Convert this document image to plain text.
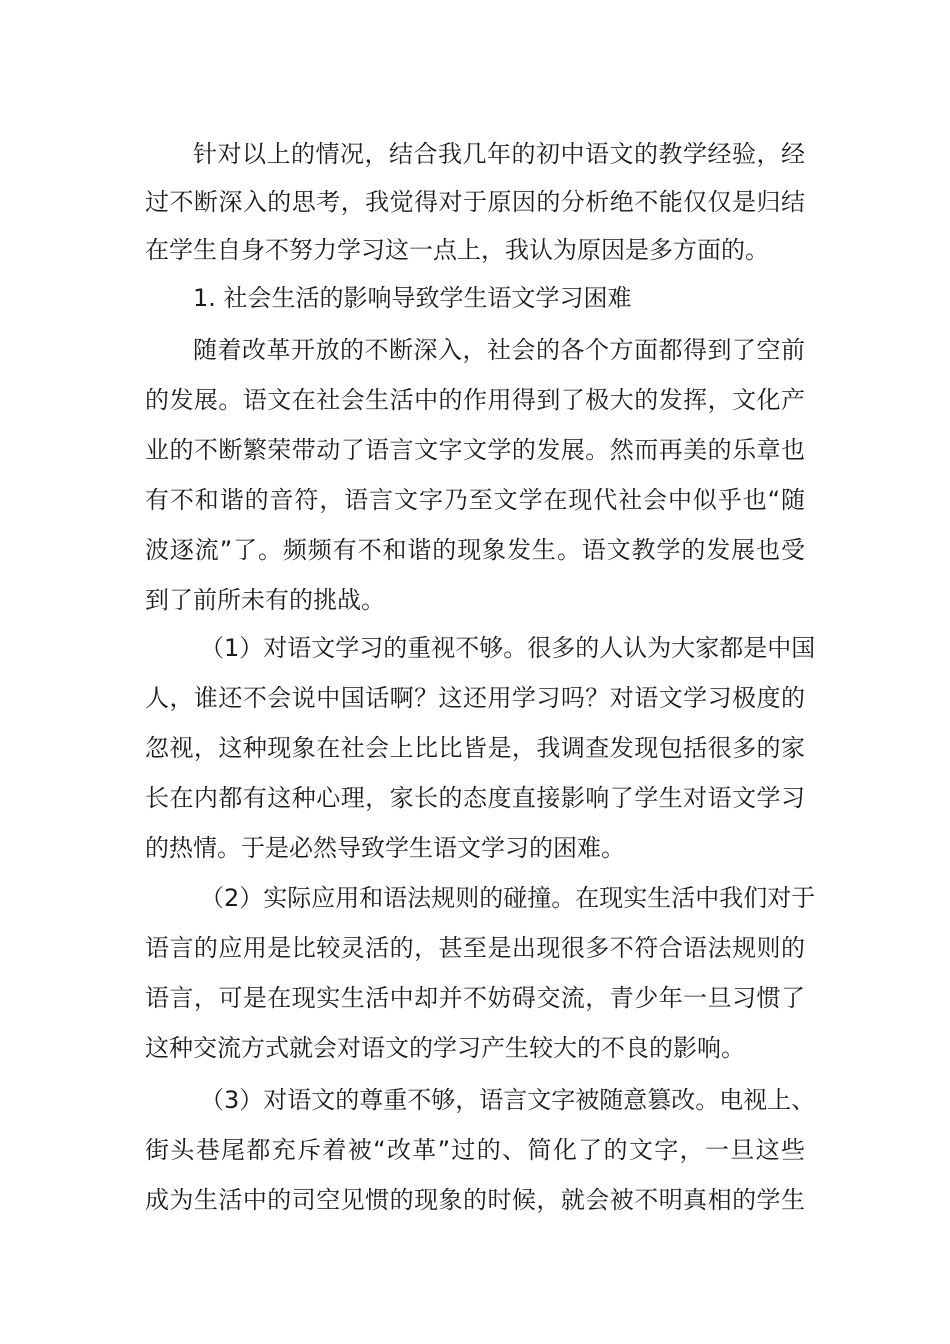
针对以上的情况，结合我几年的初中语文的教学经验，经
过不断深入的思考，我觉得对于原因的分析绝不能仅仅是归结
在学生自身不努力学习这一点上，我认为原因是多方面的。
1. 社会生活的影响导致学生语文学习困难
随着改革开放的不断深入，社会的各个方面都得到了空前
的发展。语文在社会生活中的作用得到了极大的发挥，文化产
业的不断繁荣带动了语言文字文学的发展。然而再美的乐章也
有不和谐的音符，语言文字乃至文学在现代社会中似乎也“随
波逐流”了。频频有不和谐的现象发生。语文教学的发展也受
到了前所未有的挑战。
（1）对语文学习的重视不够。很多的人认为大家都是中国
人，谁还不会说中国话啊？这还用学习吗？对语文学习极度的
忽视，这种现象在社会上比比皆是，我调查发现包括很多的家
长在内都有这种心理，家长的态度直接影响了学生对语文学习
的热情。于是必然导致学生语文学习的困难。
（2）实际应用和语法规则的碰撞。在现实生活中我们对于
语言的应用是比较灵活的，甚至是出现很多不符合语法规则的
语言，可是在现实生活中却并不妨碍交流，青少年一旦习惯了
这种交流方式就会对语文的学习产生较大的不良的影响。
（3）对语文的尊重不够，语言文字被随意篡改。电视上、
街头巷尾都充斥着被“改革”过的、简化了的文字，一旦这些
成为生活中的司空见惯的现象的时候，就会被不明真相的学生
